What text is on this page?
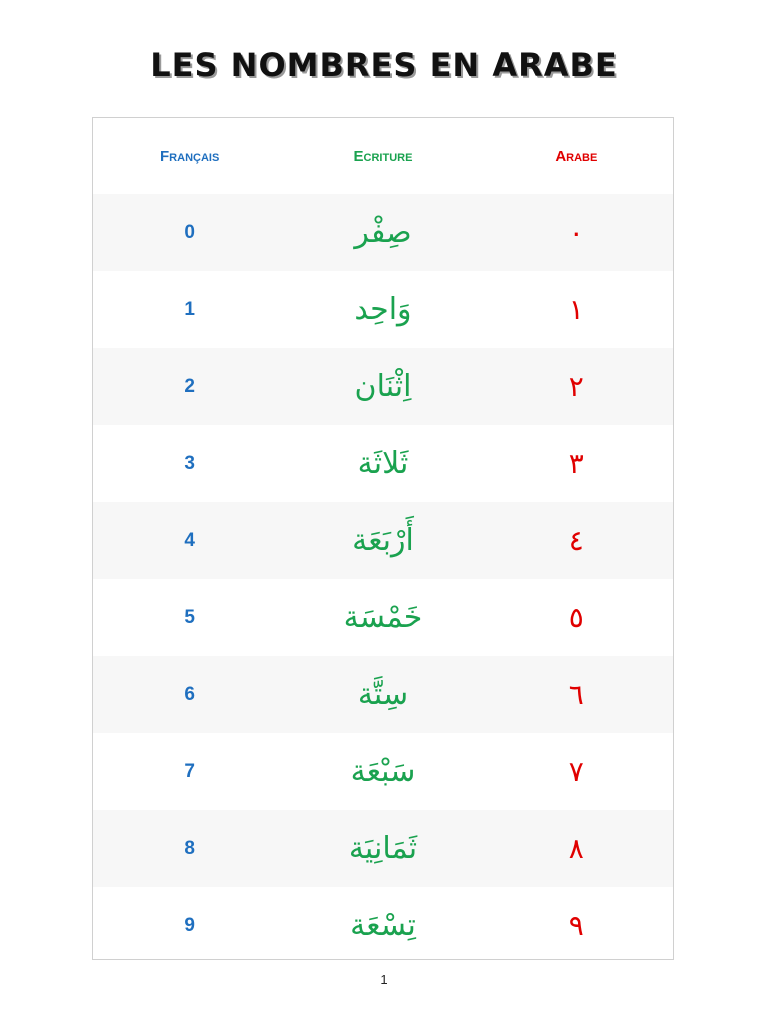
LES NOMBRES EN ARABE
Français	Ecriture	Arabe
0	صِفْر	٠
1	وَاحِد	١
2	اِثْنَان	٢
3	ثَلاثَة	٣
4	أَرْبَعَة	٤
5	خَمْسَة	٥
6	سِتَّة	٦
7	سَبْعَة	٧
8	ثَمَانِيَة	٨
9	تِسْعَة	٩
1
